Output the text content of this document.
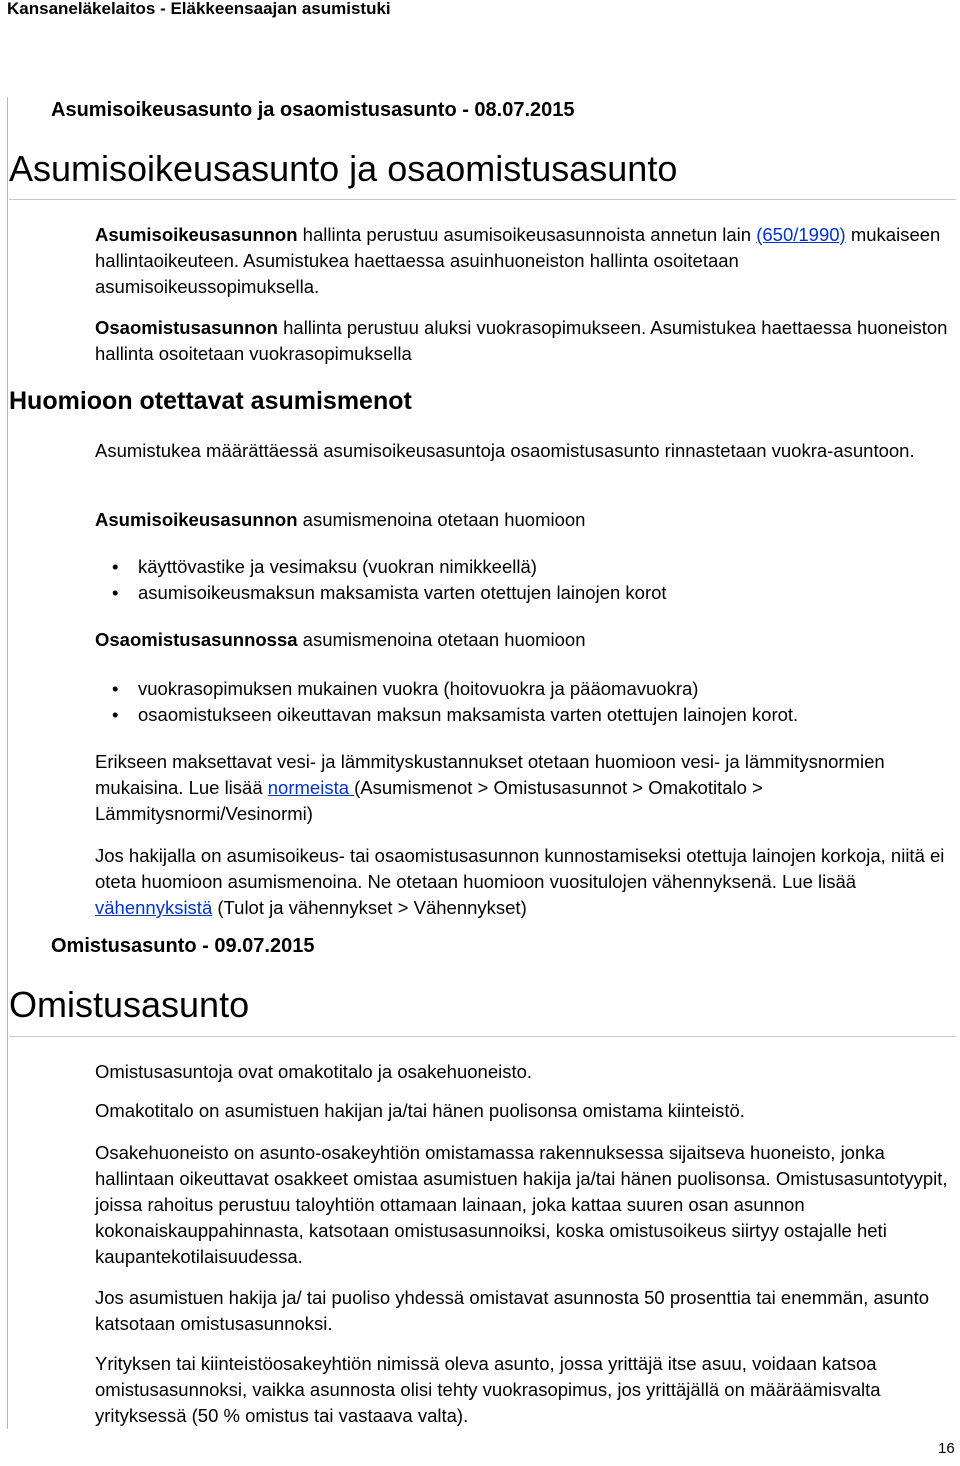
Kansaneläkelaitos - Eläkkeensaajan asumistuki
Asumisoikeusasunto ja osaomistusasunto - 08.07.2015
Asumisoikeusasunto ja osaomistusasunto

Asumisoikeusasunnon hallinta perustuu asumisoikeusasunnoista annetun lain (650/1990) mukaiseen hallintaoikeuteen. Asumistukea haettaessa asuinhuoneiston hallinta osoitetaan asumisoikeussopimuksella.

Osaomistusasunnon hallinta perustuu aluksi vuokrasopimukseen. Asumistukea haettaessa huoneiston hallinta osoitetaan vuokrasopimuksella

Huomioon otettavat asumismenot

Asumistukea määrättäessä asumisoikeusasuntoja osaomistusasunto rinnastetaan vuokra-asuntoon.

Asumisoikeusasunnon asumismenoina otetaan huomioon

• käyttövastike ja vesimaksu (vuokran nimikkeellä)
• asumisoikeusmaksun maksamista varten otettujen lainojen korot

Osaomistusasunnossa asumismenoina otetaan huomioon

• vuokrasopimuksen mukainen vuokra (hoitovuokra ja pääomavuokra)
• osaomistukseen oikeuttavan maksun maksamista varten otettujen lainojen korot.

Erikseen maksettavat vesi- ja lämmityskustannukset otetaan huomioon vesi- ja lämmitysnormien mukaisina. Lue lisää normeista (Asumismenot > Omistusasunnot > Omakotitalo > Lämmitysnormi/Vesinormi)

Jos hakijalla on asumisoikeus- tai osaomistusasunnon kunnostamiseksi otettuja lainojen korkoja, niitä ei oteta huomioon asumismenoina. Ne otetaan huomioon vuositulojen vähennyksenä. Lue lisää vähennyksistä (Tulot ja vähennykset > Vähennykset)

Omistusasunto - 09.07.2015
Omistusasunto

Omistusasuntoja ovat omakotitalo ja osakehuoneisto.

Omakotitalo on asumistuen hakijan ja/tai hänen puolisonsa omistama kiinteistö.

Osakehuoneisto on asunto-osakeyhtiön omistamassa rakennuksessa sijaitseva huoneisto, jonka hallintaan oikeuttavat osakkeet omistaa asumistuen hakija ja/tai hänen puolisonsa. Omistusasuntotyypit, joissa rahoitus perustuu taloyhtiön ottamaan lainaan, joka kattaa suuren osan asunnon kokonaiskauppahinnasta, katsotaan omistusasunnoiksi, koska omistusoikeus siirtyy ostajalle heti kaupantekotilaisuudessa.

Jos asumistuen hakija ja/ tai puoliso yhdessä omistavat asunnosta 50 prosenttia tai enemmän, asunto katsotaan omistusasunnoksi.

Yrityksen tai kiinteistöosakeyhtiön nimissä oleva asunto, jossa yrittäjä itse asuu, voidaan katsoa omistusasunnoksi, vaikka asunnosta olisi tehty vuokrasopimus, jos yrittäjällä on määräämisvalta yrityksessä (50 % omistus tai vastaava valta).

16
